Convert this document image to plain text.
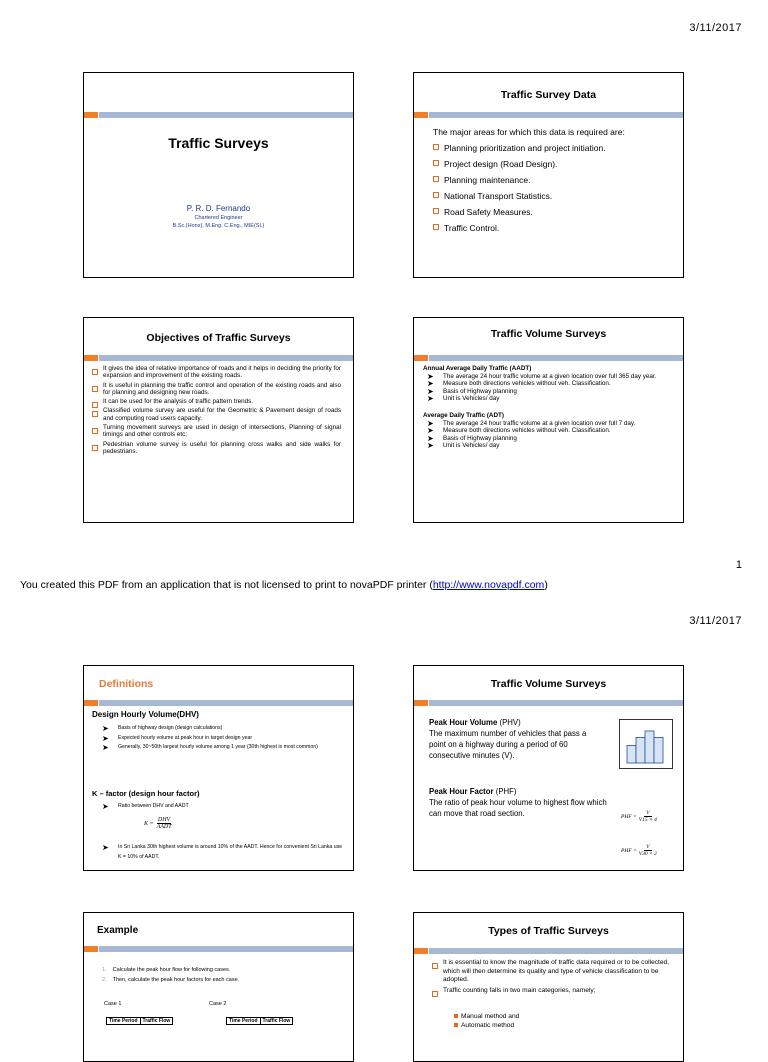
3/11/2017
Traffic Surveys
P. R. D. Fernando
Chartered Engineer
B.Sc.(Hons), M.Eng. C.Eng., MIE(SL)
Traffic Survey Data
The major areas for which this data is required are:
Planning prioritization and project initiation.
Project design (Road Design).
Planning maintenance.
National Transport Statistics.
Road Safety Measures.
Traffic Control.
Objectives of Traffic Surveys
It gives the idea of relative importance of roads and it helps in deciding the priority for expansion and improvement of the existing roads.
It is useful in planning the traffic control and operation of the existing roads and also for planning and designing new roads.
It can be used for the analysis of traffic pattern trends.
Classified volume survey are useful for the Geometric & Pavement design of roads and computing road users capacity.
Turning movement surveys are used in design of intersections, Planning of signal timings and other controls etc;
Pedestrian volume survey is useful for planning cross walks and side walks for pedestrians.
Traffic Volume Surveys
Annual Average Daily Traffic (AADT)
➤ The average 24 hour traffic volume at a given location over full 365 day year.
➤ Measure both directions vehicles without veh. Classification.
➤ Basis of Highway planning
➤ Unit is Vehicles/ day
Average Daily Traffic (ADT)
➤ The average 24 hour traffic volume at a given location over full 7 day.
➤ Measure both directions vehicles without veh. Classification.
➤ Basis of Highway planning
➤ Unit is Vehicles/ day
1
You created this PDF from an application that is not licensed to print to novaPDF printer (http://www.novapdf.com)
3/11/2017
Definitions
Design Hourly Volume(DHV)
➤ Basis of highway design (design calculations)
➤ Expected hourly volume at peak hour in target design year
➤ Generally, 30~50th largest hourly volume among 1 year (30th highest is most common)
K – factor (design hour factor)
➤ Ratio between DHV and AADT
K =
DHV
AADT
➤ In Sri Lanka 30th highest volume is around 10% of the AADT. Hence for convenient Sri Lanka use K = 10% of AADT.
Traffic Volume Surveys
Peak Hour Volume (PHV)
The maximum number of vehicles that pass a point on a highway during a period of 60 consecutive minutes (V).
Peak Hour Factor (PHF)
The ratio of peak hour volume to highest flow which can move that road section.	PHF = $\frac{V}{V15 \times 4}$
PHF = $\frac{V}{V30 \times 2}$
Example
1. Calculate the peak hour flow for following cases.
2. Then, calculate the peak hour factors for each case.
Case 1	Case 2
Time Period	Traffic Flow	Time Period	Traffic Flow
Types of Traffic Surveys
It is essential to know the magnitude of traffic data required or to be collected, which will then determine its quality and type of vehicle classification to be adopted.
Traffic counting falls in two main categories, namely;
Manual method and
Automatic method
